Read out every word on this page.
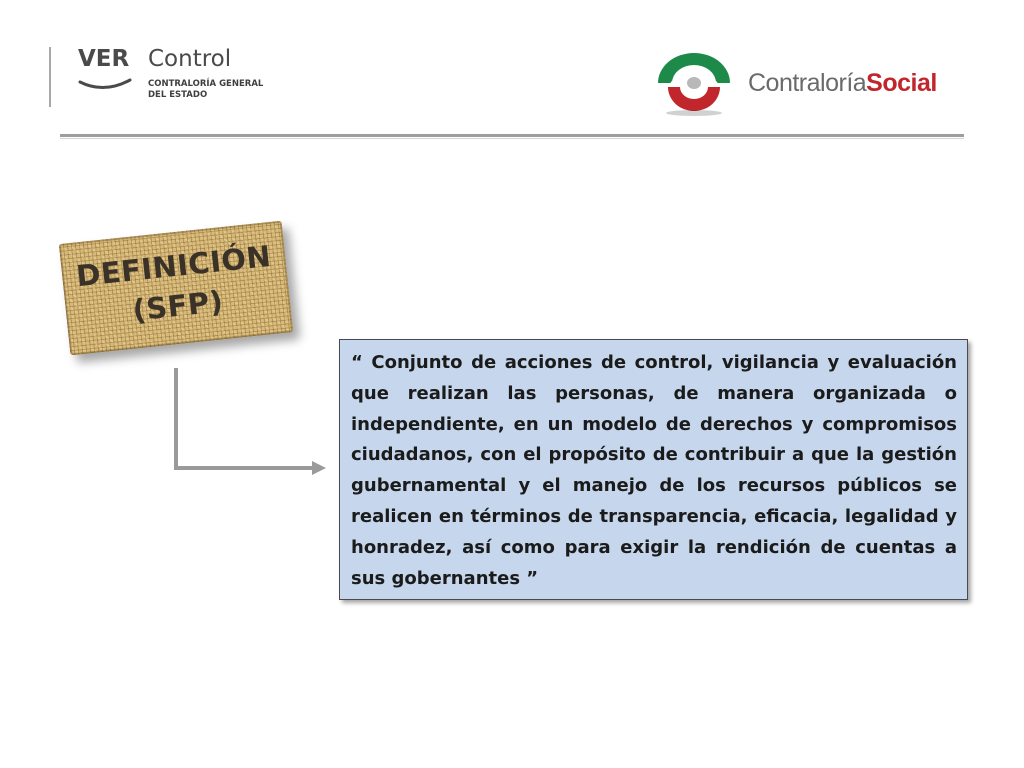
VER Control
CONTRALORÍA GENERAL
DEL ESTADO	ContraloríaSocial
DEFINICIÓN
(SFP)

“ Conjunto de acciones de control, vigilancia y evaluación que realizan las personas, de manera organizada o independiente, en un modelo de derechos y compromisos ciudadanos, con el propósito de contribuir a que la gestión gubernamental y el manejo de los recursos públicos se realicen en términos de transparencia, eficacia, legalidad y honradez, así como para exigir la rendición de cuentas a sus gobernantes ”
